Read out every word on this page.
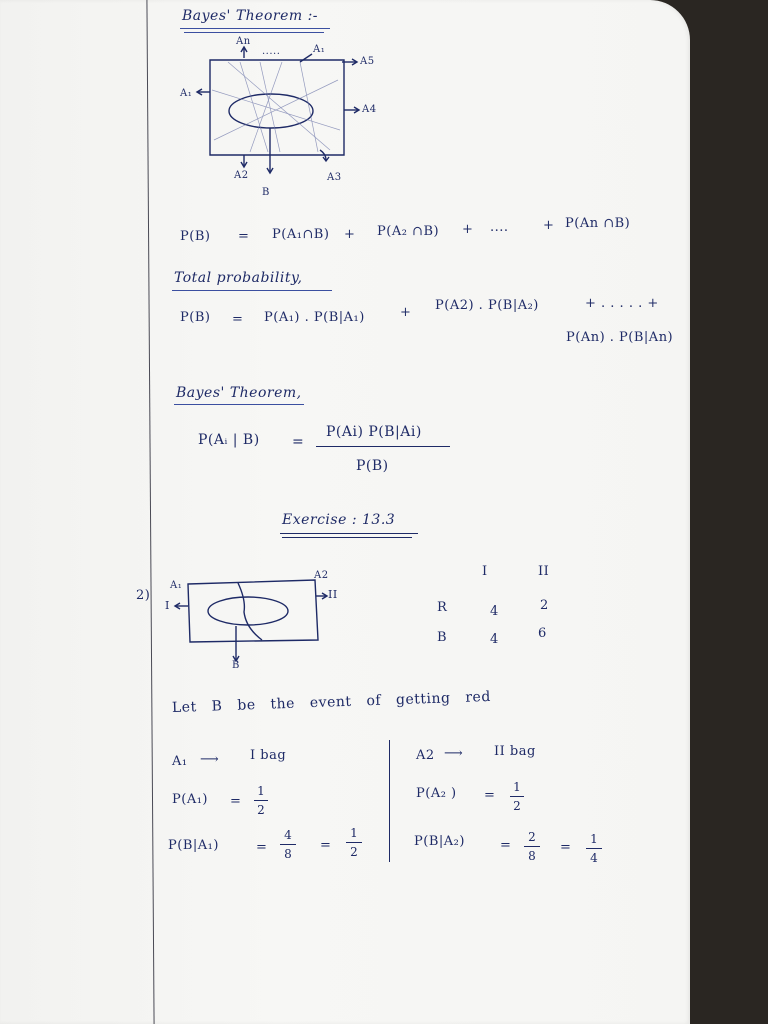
Bayes' Theorem :-
An
.....	A₁
A5
A₁
A4
A2	A3
B
P(B) = P(A₁∩B) + P(A₂ ∩B) + ....	+ P(An ∩B)
Total probability,
P(B) = P(A₁) . P(B|A₁)	+ P(A2) . P(B|A₂)	+ . . . . . +
P(An) . P(B|An)
Bayes' Theorem,
P(Aᵢ | B) =
P(Ai) P(B|Ai)
P(B)
Exercise : 13.3
2)
A₁
A2
I
II
B
I	II
R	4	2
B	4	6
Let B be the event of getting red
A₁ ⟶ I bag
P(A₁) =
1
2
P(B|A₁)	=
4
8
=
1
2
A2 ⟶ II bag
P(A₂ ) =
1
2
P(B|A₂)	=
2
8
=
1
4
